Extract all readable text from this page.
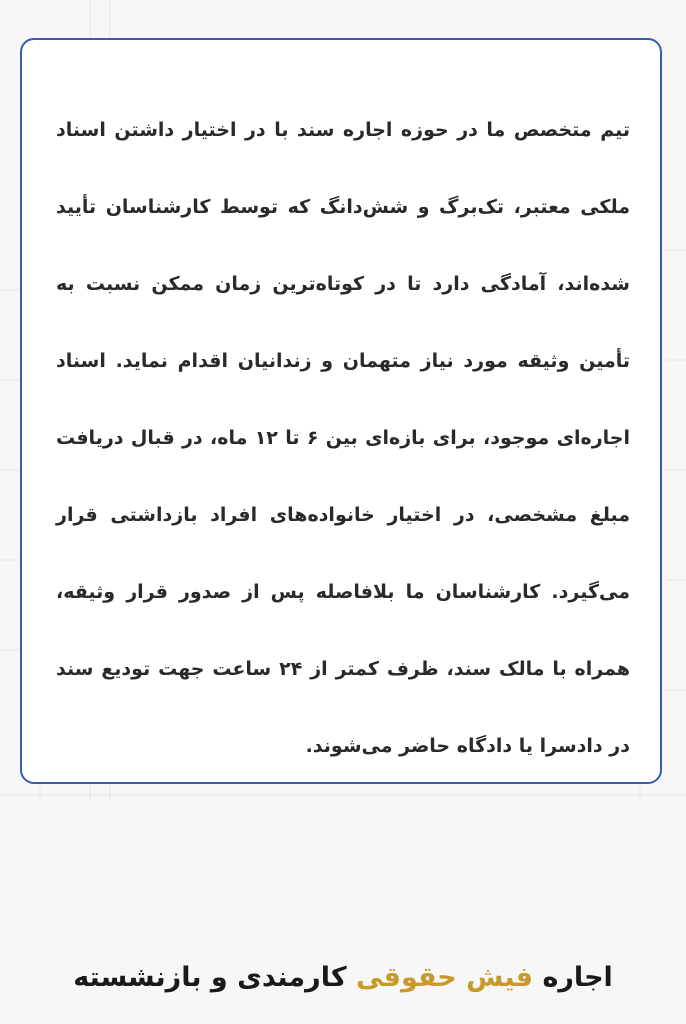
تیم متخصص ما در حوزه اجاره سند با در اختیار داشتن اسناد ملکی معتبر، تک‌برگ و شش‌دانگ که توسط کارشناسان تأیید شده‌اند، آمادگی دارد تا در کوتاه‌ترین زمان ممکن نسبت به تأمین وثیقه مورد نیاز متهمان و زندانیان اقدام نماید. اسناد اجاره‌ای موجود، برای بازه‌ای بین ۶ تا ۱۲ ماه، در قبال دریافت مبلغ مشخصی، در اختیار خانواده‌های افراد بازداشتی قرار می‌گیرد. کارشناسان ما بلافاصله پس از صدور قرار وثیقه، همراه با مالک سند، ظرف کمتر از ۲۴ ساعت جهت تودیع سند در دادسرا یا دادگاه حاضر می‌شوند.

اجاره فیش حقوقی کارمندی و بازنشسته
